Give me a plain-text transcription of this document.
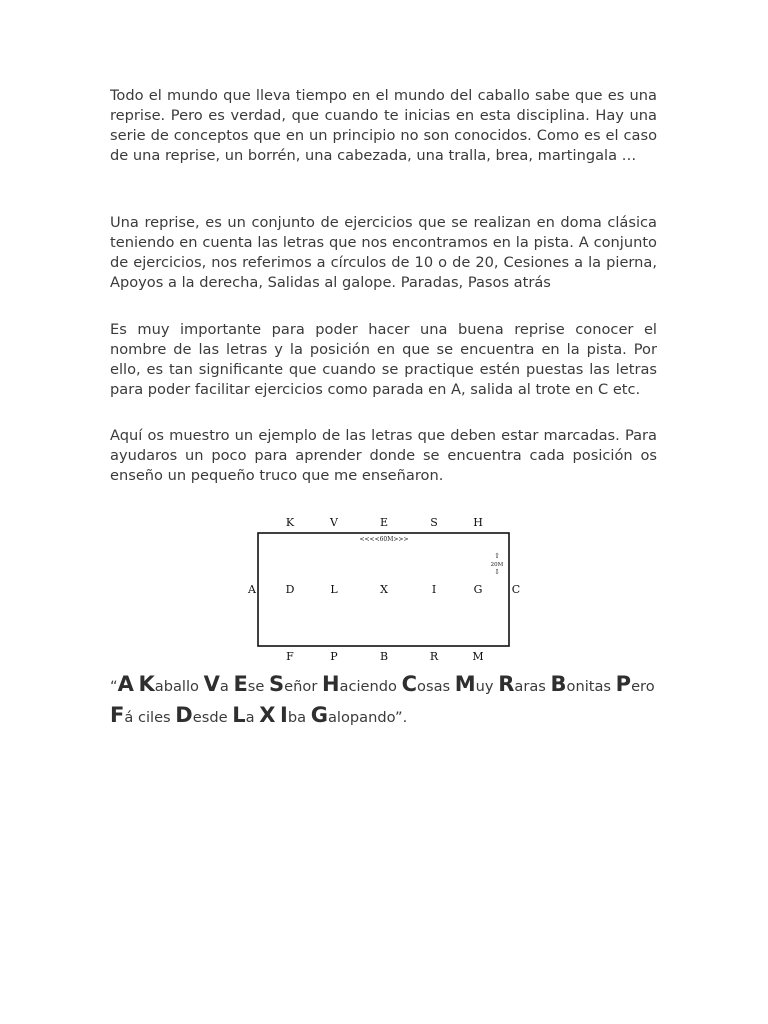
Todo el mundo que lleva tiempo en el mundo del caballo sabe que es una reprise. Pero es verdad, que cuando te inicias en esta disciplina. Hay una serie de conceptos que en un principio no son conocidos. Como es el caso de una reprise, un borrén, una cabezada, una tralla, brea, martingala …

Una reprise, es un conjunto de ejercicios que se realizan en doma clásica teniendo en cuenta las letras que nos encontramos en la pista. A conjunto de ejercicios, nos referimos a círculos de 10 o de 20, Cesiones a la pierna, Apoyos a la derecha, Salidas al galope. Paradas, Pasos atrás

Es muy importante para poder hacer una buena reprise conocer el nombre de las letras y la posición en que se encuentra en la pista. Por ello, es tan significante que cuando se practique estén puestas las letras para poder facilitar ejercicios como parada en A, salida al trote en C etc.

Aquí os muestro un ejemplo de las letras que deben estar marcadas. Para ayudaros un poco para aprender donde se encuentra cada posición os enseño un pequeño truco que me enseñaron.

K	V	E	S	H
D	L	X	I	G
A	C
F	P	B	R	M
<<<<60M>>>
⇧
20M
⇩
“A Kaballo Va Ese Señor Haciendo Cosas Muy Raras Bonitas Pero Fá ciles Desde La X Iba Galopando”.
